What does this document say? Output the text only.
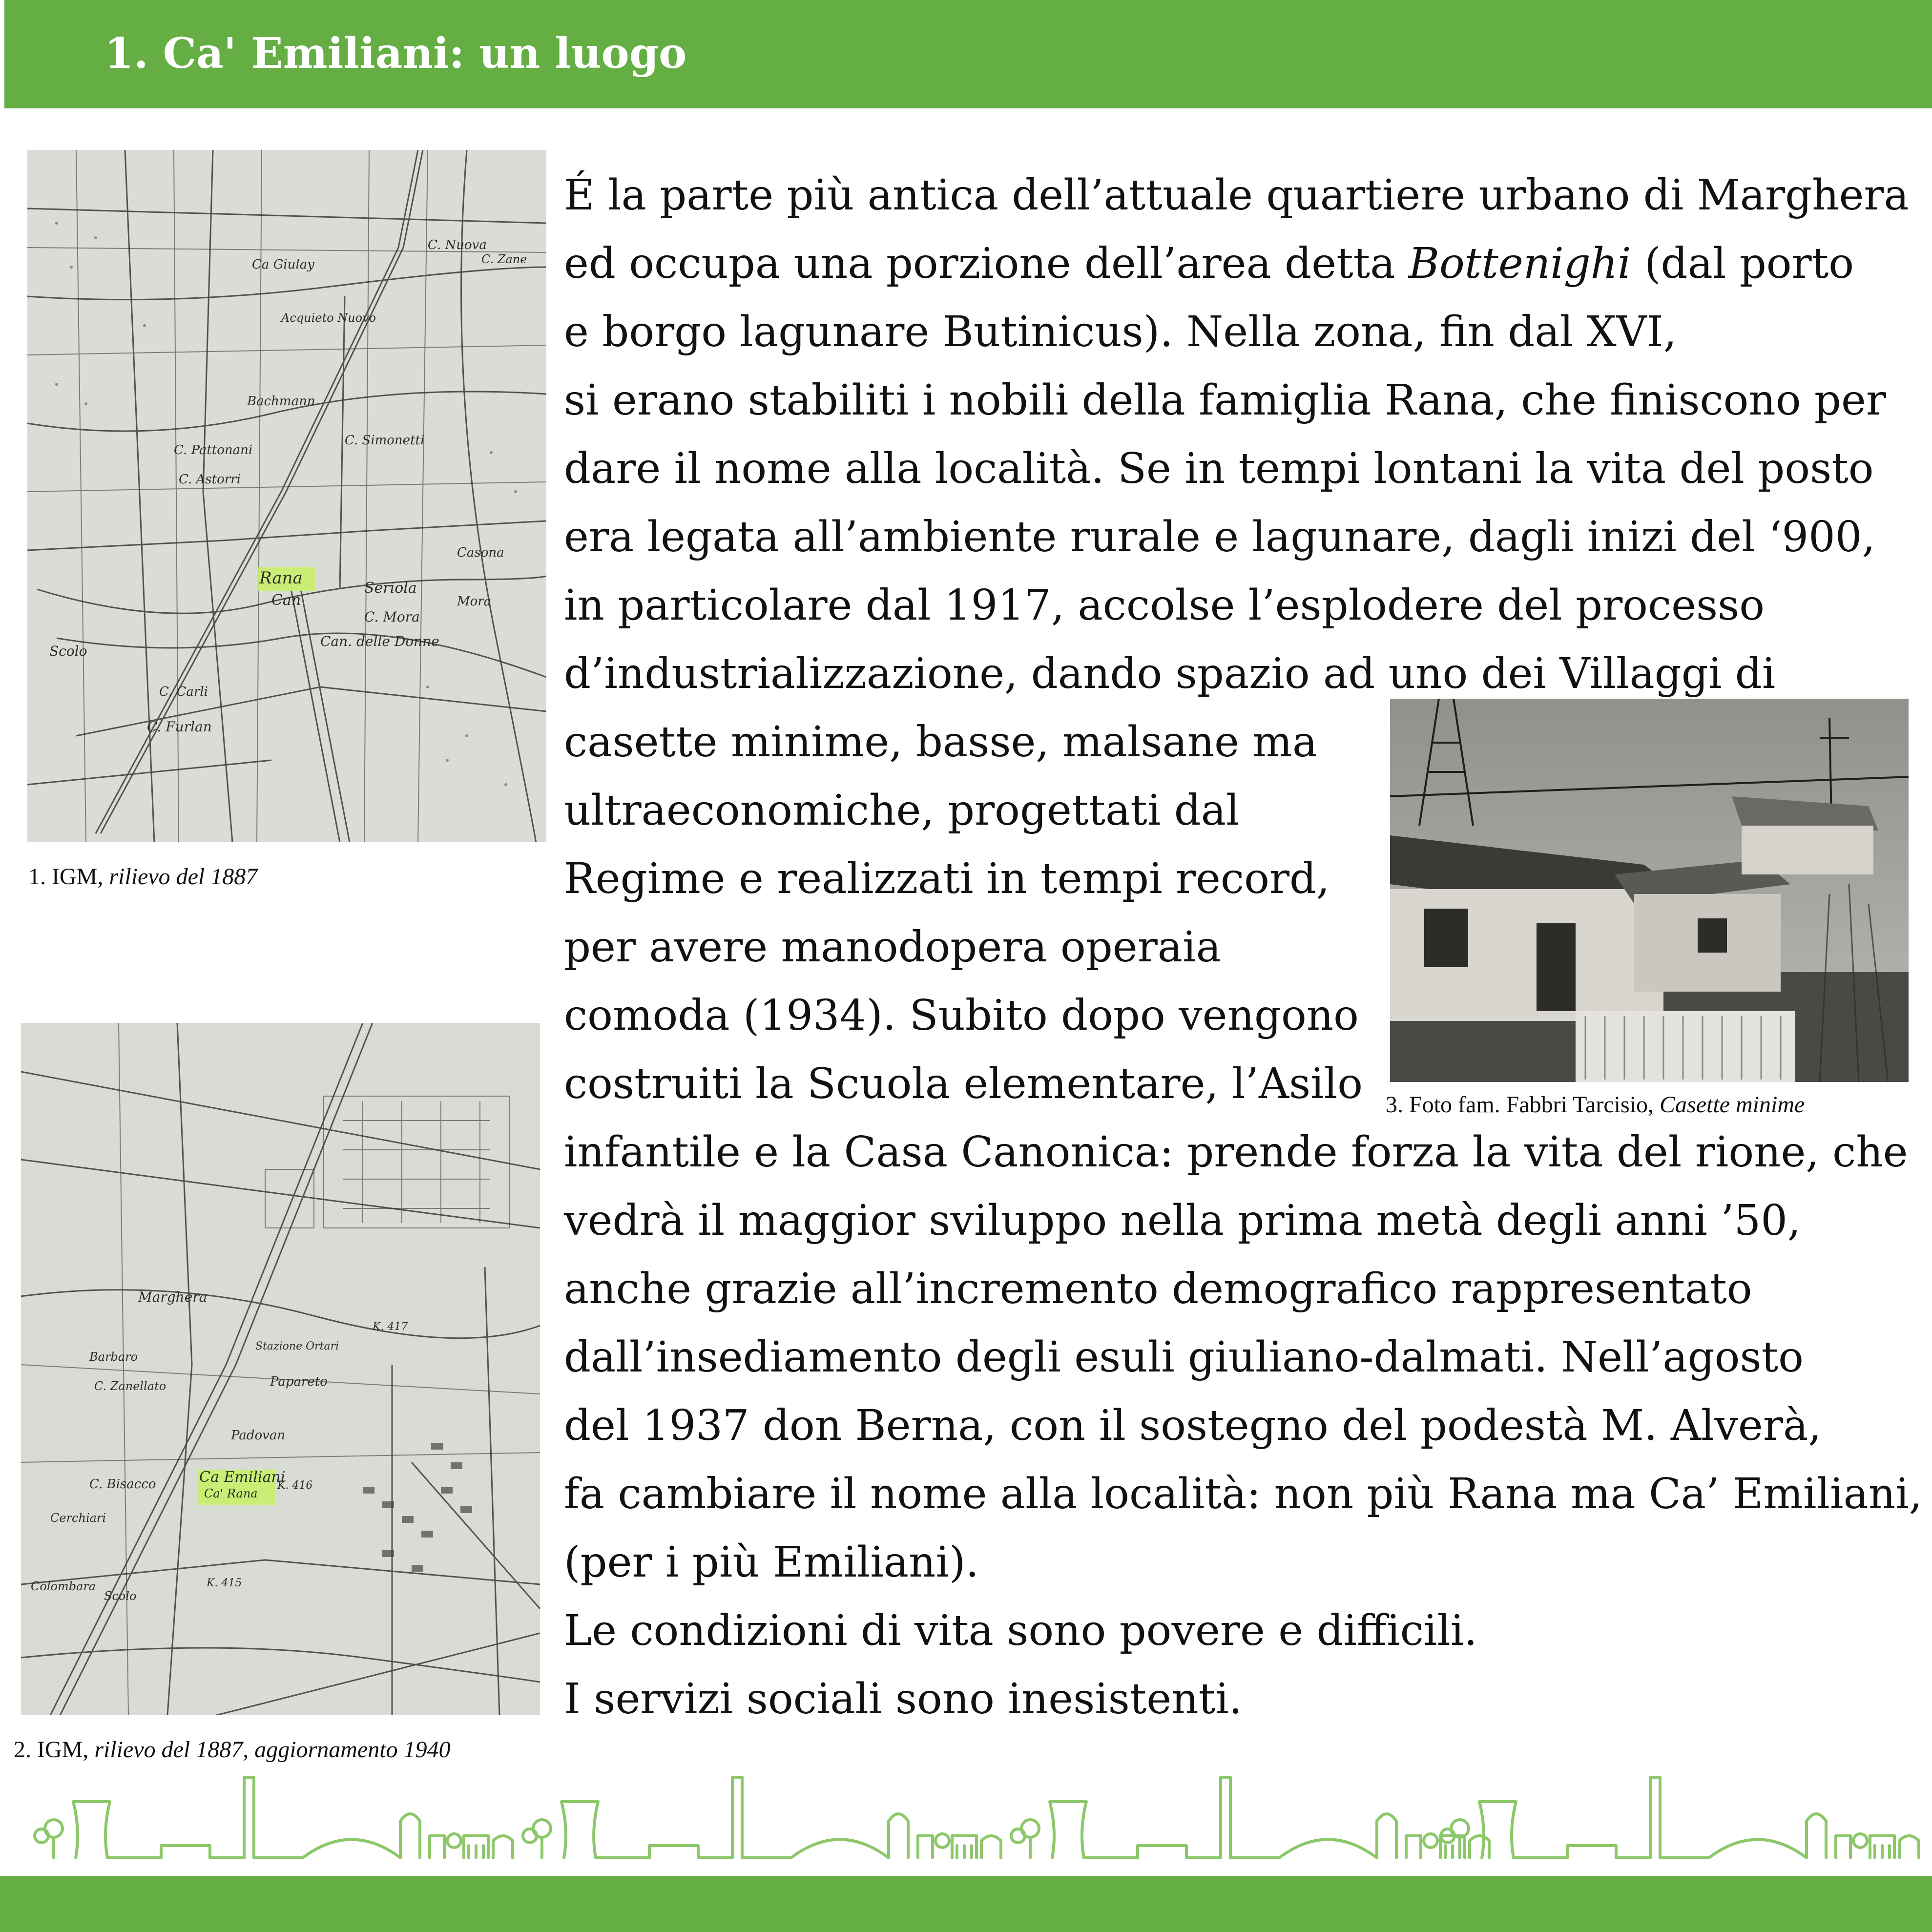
1. Ca' Emiliani: un luogo
Rana
Can
Seriola
C. Mora
Can. delle Donne
C. Furlan
Scolo
C. Carli
Bachmann
C. Simonetti
C. Astorri
C. Pattonani
Casona
Mora
C. Nuova
Ca Giulay
Acquieto Nuovo
C. Zane
1. IGM, rilievo del 1887
Ca Emiliani
Ca' Rana
Marghera
Padovan
Papareto
C. Bisacco
Cerchiari
Colombara
Scolo
Barbaro
C. Zanellato
K. 417
K. 416
K. 415
Stazione Ortari
2. IGM, rilievo del 1887, aggiornamento 1940
3. Foto fam. Fabbri Tarcisio, Casette minime
É la parte più antica dell’attuale quartiere urbano di Marghera
ed occupa una porzione dell’area detta Bottenighi (dal porto
e borgo lagunare Butinicus). Nella zona, fin dal XVI,
si erano stabiliti i nobili della famiglia Rana, che finiscono per
dare il nome alla località. Se in tempi lontani la vita del posto
era legata all’ambiente rurale e lagunare, dagli inizi del ‘900,
in particolare dal 1917, accolse l’esplodere del processo
d’industrializzazione, dando spazio ad uno dei Villaggi di
casette minime, basse, malsane ma
ultraeconomiche, progettati dal
Regime e realizzati in tempi record,
per avere manodopera operaia
comoda (1934). Subito dopo vengono
costruiti la Scuola elementare, l’Asilo
infantile e la Casa Canonica: prende forza la vita del rione, che
vedrà il maggior sviluppo nella prima metà degli anni ’50,
anche grazie all’incremento demografico rappresentato
dall’insediamento degli esuli giuliano-dalmati. Nell’agosto
del 1937 don Berna, con il sostegno del podestà M. Alverà,
fa cambiare il nome alla località: non più Rana ma Ca’ Emiliani,
(per i più Emiliani).
Le condizioni di vita sono povere e difficili.
I servizi sociali sono inesistenti.
